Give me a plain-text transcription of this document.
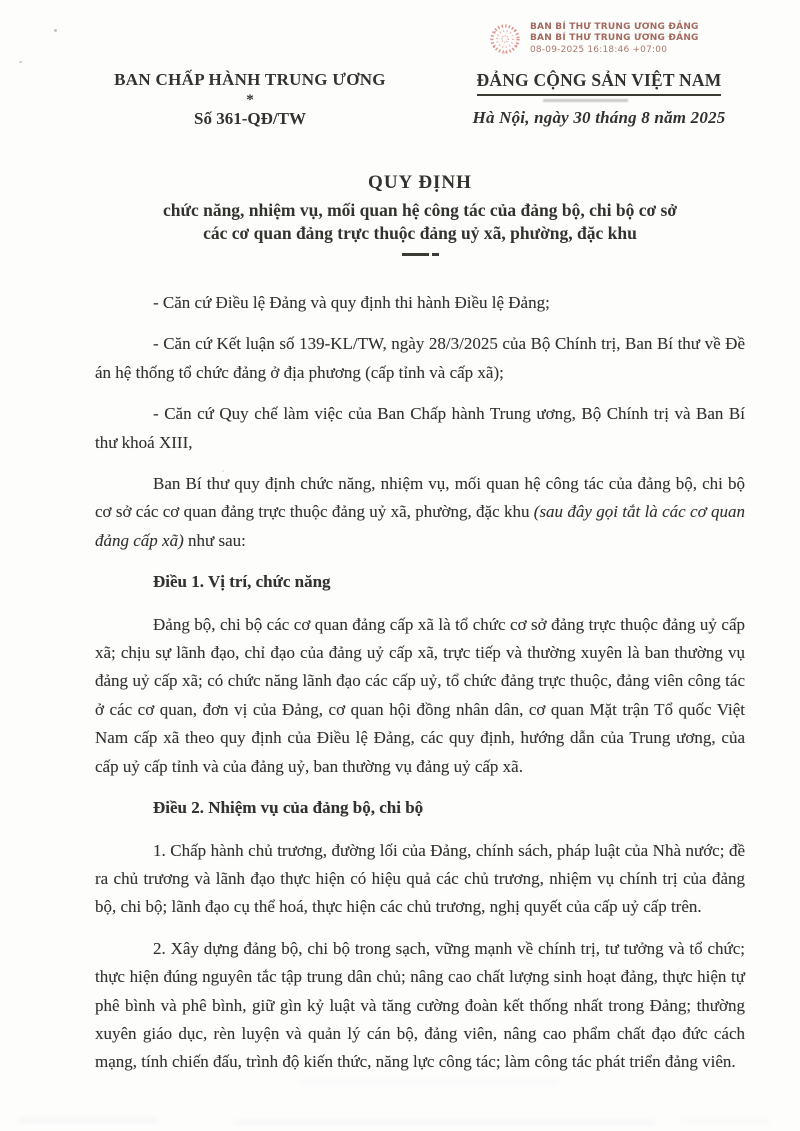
BAN BÍ THƯ TRUNG ƯƠNG ĐẢNG
BAN BÍ THƯ TRUNG ƯƠNG ĐẢNG
08-09-2025 16:18:46 +07:00
BAN CHẤP HÀNH TRUNG ƯƠNG
*
Số 361-QĐ/TW
ĐẢNG CỘNG SẢN VIỆT NAM
Hà Nội, ngày 30 tháng 8 năm 2025
QUY ĐỊNH
chức năng, nhiệm vụ, mối quan hệ công tác của đảng bộ, chi bộ cơ sở
các cơ quan đảng trực thuộc đảng uỷ xã, phường, đặc khu

- Căn cứ Điều lệ Đảng và quy định thi hành Điều lệ Đảng;

- Căn cứ Kết luận số 139-KL/TW, ngày 28/3/2025 của Bộ Chính trị, Ban Bí thư về Đề án hệ thống tổ chức đảng ở địa phương (cấp tỉnh và cấp xã);

- Căn cứ Quy chế làm việc của Ban Chấp hành Trung ương, Bộ Chính trị và Ban Bí thư khoá XIII,

Ban Bí thư quy định chức năng, nhiệm vụ, mối quan hệ công tác của đảng bộ, chi bộ cơ sở các cơ quan đảng trực thuộc đảng uỷ xã, phường, đặc khu (sau đây gọi tắt là các cơ quan đảng cấp xã) như sau:

Điều 1. Vị trí, chức năng

Đảng bộ, chi bộ các cơ quan đảng cấp xã là tổ chức cơ sở đảng trực thuộc đảng uỷ cấp xã; chịu sự lãnh đạo, chỉ đạo của đảng uỷ cấp xã, trực tiếp và thường xuyên là ban thường vụ đảng uỷ cấp xã; có chức năng lãnh đạo các cấp uỷ, tổ chức đảng trực thuộc, đảng viên công tác ở các cơ quan, đơn vị của Đảng, cơ quan hội đồng nhân dân, cơ quan Mặt trận Tổ quốc Việt Nam cấp xã theo quy định của Điều lệ Đảng, các quy định, hướng dẫn của Trung ương, của cấp uỷ cấp tỉnh và của đảng uỷ, ban thường vụ đảng uỷ cấp xã.

Điều 2. Nhiệm vụ của đảng bộ, chi bộ

1. Chấp hành chủ trương, đường lối của Đảng, chính sách, pháp luật của Nhà nước; đề ra chủ trương và lãnh đạo thực hiện có hiệu quả các chủ trương, nhiệm vụ chính trị của đảng bộ, chi bộ; lãnh đạo cụ thể hoá, thực hiện các chủ trương, nghị quyết của cấp uỷ cấp trên.

2. Xây dựng đảng bộ, chi bộ trong sạch, vững mạnh về chính trị, tư tưởng và tổ chức; thực hiện đúng nguyên tắc tập trung dân chủ; nâng cao chất lượng sinh hoạt đảng, thực hiện tự phê bình và phê bình, giữ gìn kỷ luật và tăng cường đoàn kết thống nhất trong Đảng; thường xuyên giáo dục, rèn luyện và quản lý cán bộ, đảng viên, nâng cao phẩm chất đạo đức cách mạng, tính chiến đấu, trình độ kiến thức, năng lực công tác; làm công tác phát triển đảng viên.
